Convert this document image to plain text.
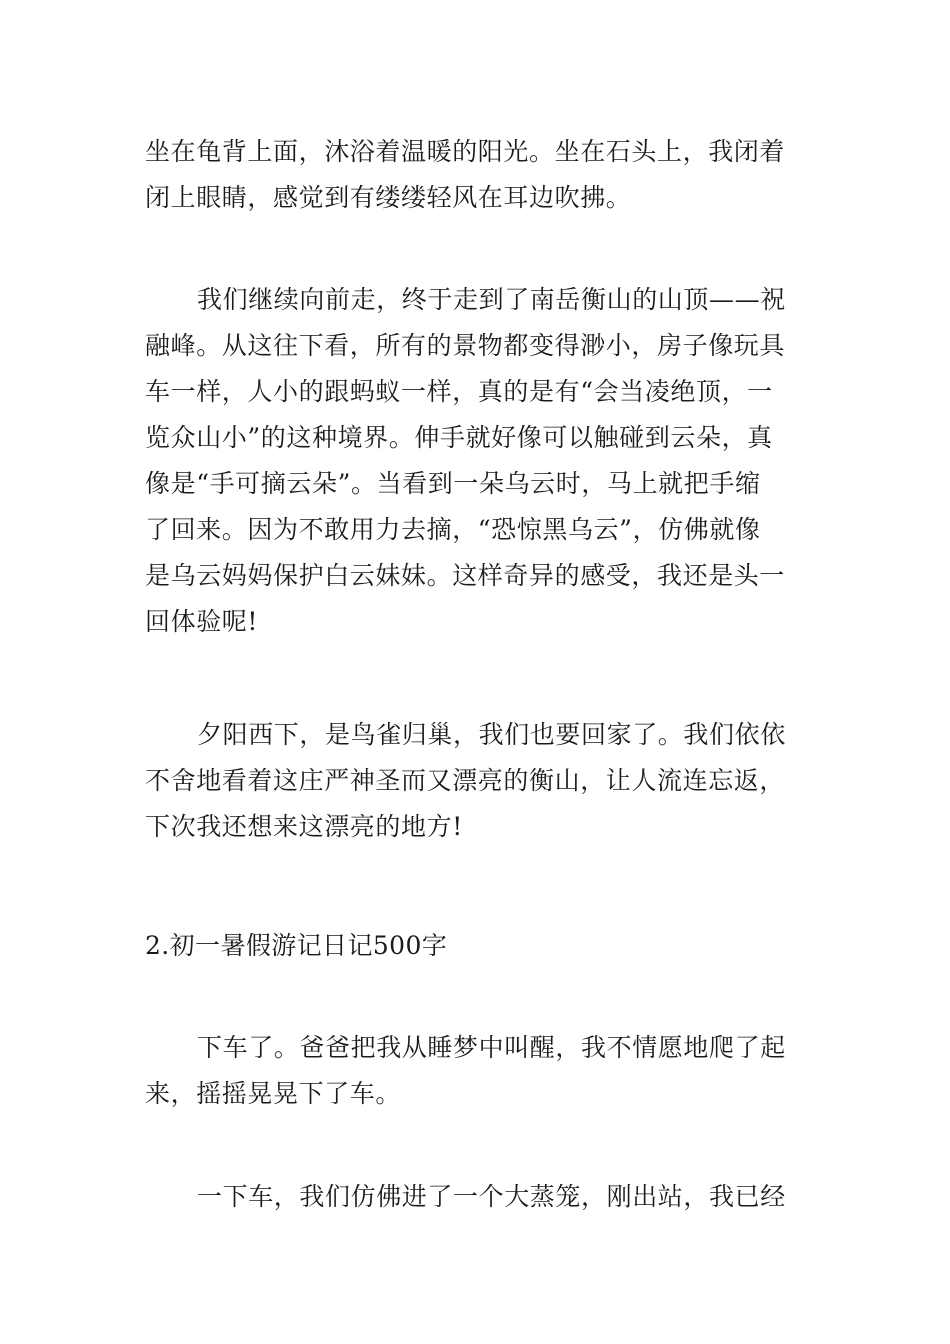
坐在龟背上面，沐浴着温暖的阳光。坐在石头上，我闭着
闭上眼睛，感觉到有缕缕轻风在耳边吹拂。
我们继续向前走，终于走到了南岳衡山的山顶——祝
融峰。从这往下看，所有的景物都变得渺小，房子像玩具
车一样，人小的跟蚂蚁一样，真的是有“会当凌绝顶，一
览众山小”的这种境界。伸手就好像可以触碰到云朵，真
像是“手可摘云朵”。当看到一朵乌云时，马上就把手缩
了回来。因为不敢用力去摘，“恐惊黑乌云”，仿佛就像
是乌云妈妈保护白云妹妹。这样奇异的感受，我还是头一
回体验呢!
夕阳西下，是鸟雀归巢，我们也要回家了。我们依依
不舍地看着这庄严神圣而又漂亮的衡山，让人流连忘返，
下次我还想来这漂亮的地方!
2.初一暑假游记日记500字
下车了。爸爸把我从睡梦中叫醒，我不情愿地爬了起
来，摇摇晃晃下了车。
一下车，我们仿佛进了一个大蒸笼，刚出站，我已经
